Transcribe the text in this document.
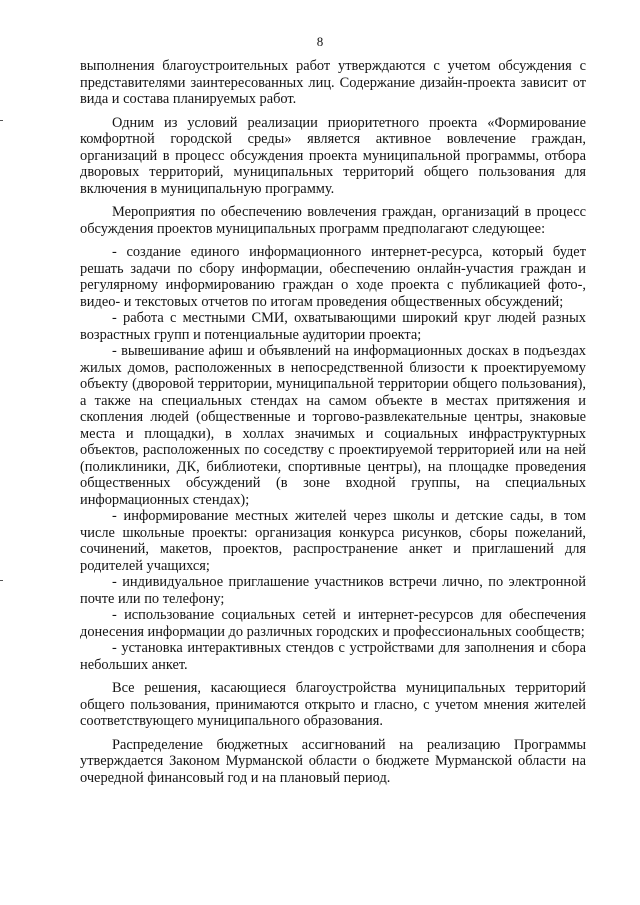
8

выполнения благоустроительных работ утверждаются с учетом обсуждения с представителями заинтересованных лиц. Содержание дизайн-проекта зависит от вида и состава планируемых работ.

Одним из условий реализации приоритетного проекта «Формирование комфортной городской среды» является активное вовлечение граждан, организаций в процесс обсуждения проекта муниципальной программы, отбора дворовых территорий, муниципальных территорий общего пользования для включения в муниципальную программу.

Мероприятия по обеспечению вовлечения граждан, организаций в процесс обсуждения проектов муниципальных программ предполагают следующее:

- создание единого информационного интернет-ресурса, который будет решать задачи по сбору информации, обеспечению онлайн-участия граждан и регулярному информированию граждан о ходе проекта с публикацией фото-, видео- и текстовых отчетов по итогам проведения общественных обсуждений;

- работа с местными СМИ, охватывающими широкий круг людей разных возрастных групп и потенциальные аудитории проекта;

- вывешивание афиш и объявлений на информационных досках в подъездах жилых домов, расположенных в непосредственной близости к проектируемому объекту (дворовой территории, муниципальной территории общего пользования), а также на специальных стендах на самом объекте в местах притяжения и скопления людей (общественные и торгово-развлекательные центры, знаковые места и площадки), в холлах значимых и социальных инфраструктурных объектов, расположенных по соседству с проектируемой территорией или на ней (поликлиники, ДК, библиотеки, спортивные центры), на площадке проведения общественных обсуждений (в зоне входной группы, на специальных информационных стендах);

- информирование местных жителей через школы и детские сады, в том числе школьные проекты: организация конкурса рисунков, сборы пожеланий, сочинений, макетов, проектов, распространение анкет и приглашений для родителей учащихся;

- индивидуальное приглашение участников встречи лично, по электронной почте или по телефону;

- использование социальных сетей и интернет-ресурсов для обеспечения донесения информации до различных городских и профессиональных сообществ;

- установка интерактивных стендов с устройствами для заполнения и сбора небольших анкет.

Все решения, касающиеся благоустройства муниципальных территорий общего пользования, принимаются открыто и гласно, с учетом мнения жителей соответствующего муниципального образования.

Распределение бюджетных ассигнований на реализацию Программы утверждается Законом Мурманской области о бюджете Мурманской области на очередной финансовый год и на плановый период.
